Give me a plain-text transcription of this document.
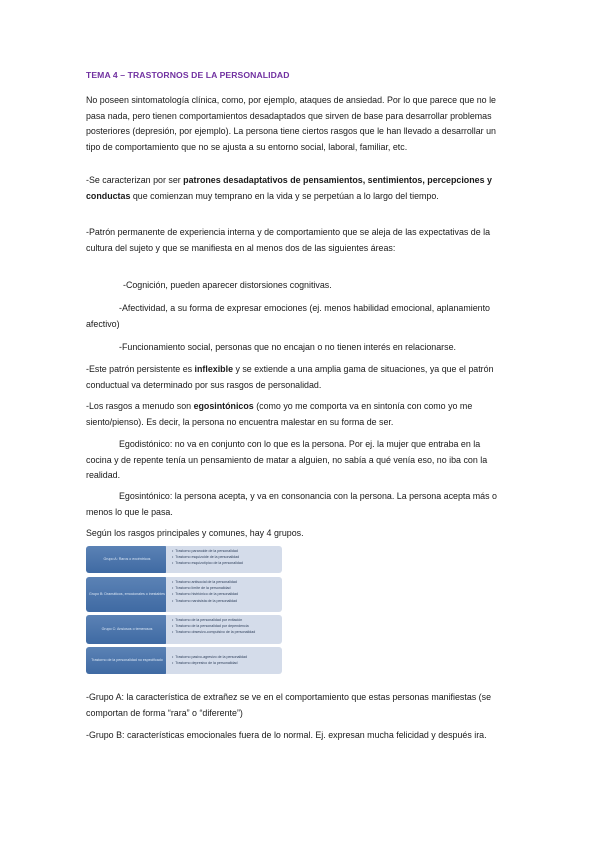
TEMA 4 – TRASTORNOS DE LA PERSONALIDAD

No poseen sintomatología clínica, como, por ejemplo, ataques de ansiedad. Por lo que parece que no le pasa nada, pero tienen comportamientos desadaptados que sirven de base para desarrollar problemas posteriores (depresión, por ejemplo). La persona tiene ciertos rasgos que le han llevado a desarrollar un tipo de comportamiento que no se ajusta a su entorno social, laboral, familiar, etc.

-Se caracterizan por ser patrones desadaptativos de pensamientos, sentimientos, percepciones y conductas que comienzan muy temprano en la vida y se perpetúan a lo largo del tiempo.

-Patrón permanente de experiencia interna y de comportamiento que se aleja de las expectativas de la cultura del sujeto y que se manifiesta en al menos dos de las siguientes áreas:

-Cognición, pueden aparecer distorsiones cognitivas.

-Afectividad, a su forma de expresar emociones (ej. menos habilidad emocional, aplanamiento afectivo)

-Funcionamiento social, personas que no encajan o no tienen interés en relacionarse.

-Este patrón persistente es inflexible y se extiende a una amplia gama de situaciones, ya que el patrón conductual va determinado por sus rasgos de personalidad.

-Los rasgos a menudo son egosintónicos (como yo me comporta va en sintonía con como yo me siento/pienso). Es decir, la persona no encuentra malestar en su forma de ser.

Egodistónico: no va en conjunto con lo que es la persona. Por ej. la mujer que entraba en la cocina y de repente tenía un pensamiento de matar a alguien, no sabía a qué venía eso, no iba con la realidad.

Egosintónico: la persona acepta, y va en consonancia con la persona. La persona acepta más o menos lo que le pasa.

Según los rasgos principales y comunes, hay 4 grupos.

Grupo A: Raros o excéntricos
• Trastorno paranoide de la personalidad
• Trastorno esquizoide de la personalidad
• Trastorno esquizotípico de la personalidad
Grupo B: Dramáticos, emocionales o inestables
• Trastorno antisocial de la personalidad
• Trastorno límite de la personalidad
• Trastorno histriónico de la personalidad
• Trastorno narcisista de la personalidad
Grupo C: Ansiosos o temerosos
• Trastorno de la personalidad por evitación
• Trastorno de la personalidad por dependencia
• Trastorno obsesivo-compulsivo de la personalidad
Trastorno de la personalidad no especificado
• Trastorno pasivo-agresivo de la personalidad
• Trastorno depresivo de la personalidad

-Grupo A: la característica de extrañez se ve en el comportamiento que estas personas manifiestas (se comportan de forma “rara” o “diferente”)

-Grupo B: características emocionales fuera de lo normal. Ej. expresan mucha felicidad y después ira.
